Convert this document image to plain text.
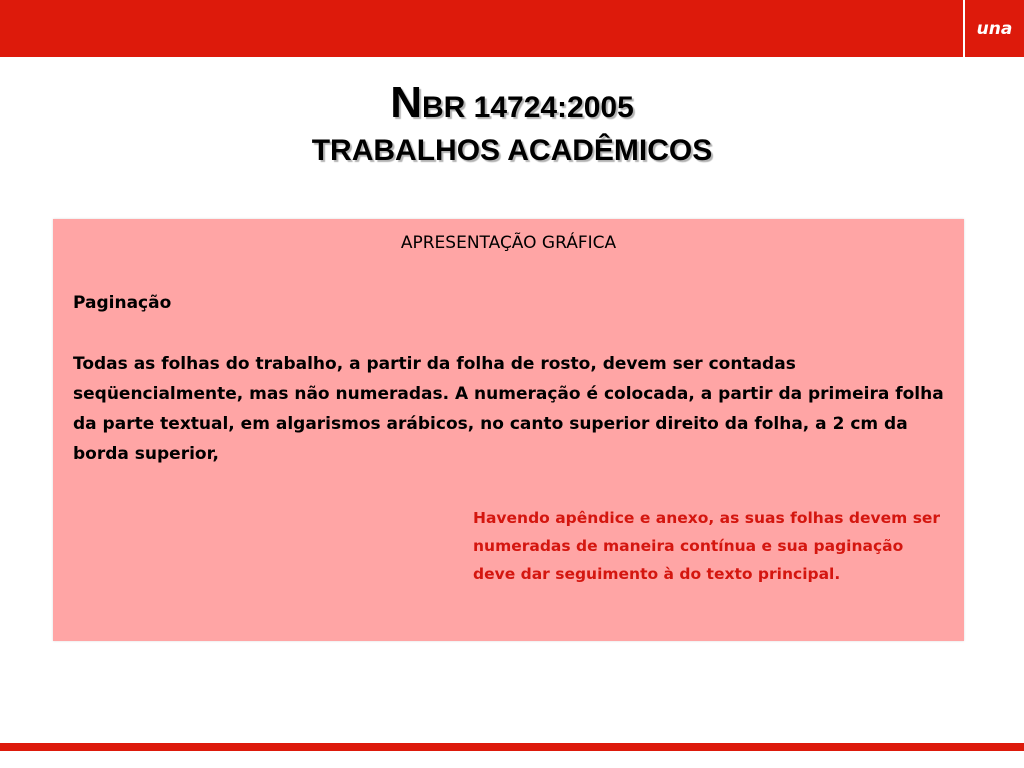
una
NBR 14724:2005
TRABALHOS ACADÊMICOS
APRESENTAÇÃO GRÁFICA
Paginação
Todas as folhas do trabalho, a partir da folha de rosto, devem ser contadas seqüencialmente, mas não numeradas. A numeração é colocada, a partir da primeira folha da parte textual, em algarismos arábicos, no canto superior direito da folha, a 2 cm da borda superior,
Havendo apêndice e anexo, as suas folhas devem ser numeradas de maneira contínua e sua paginação deve dar seguimento à do texto principal.
